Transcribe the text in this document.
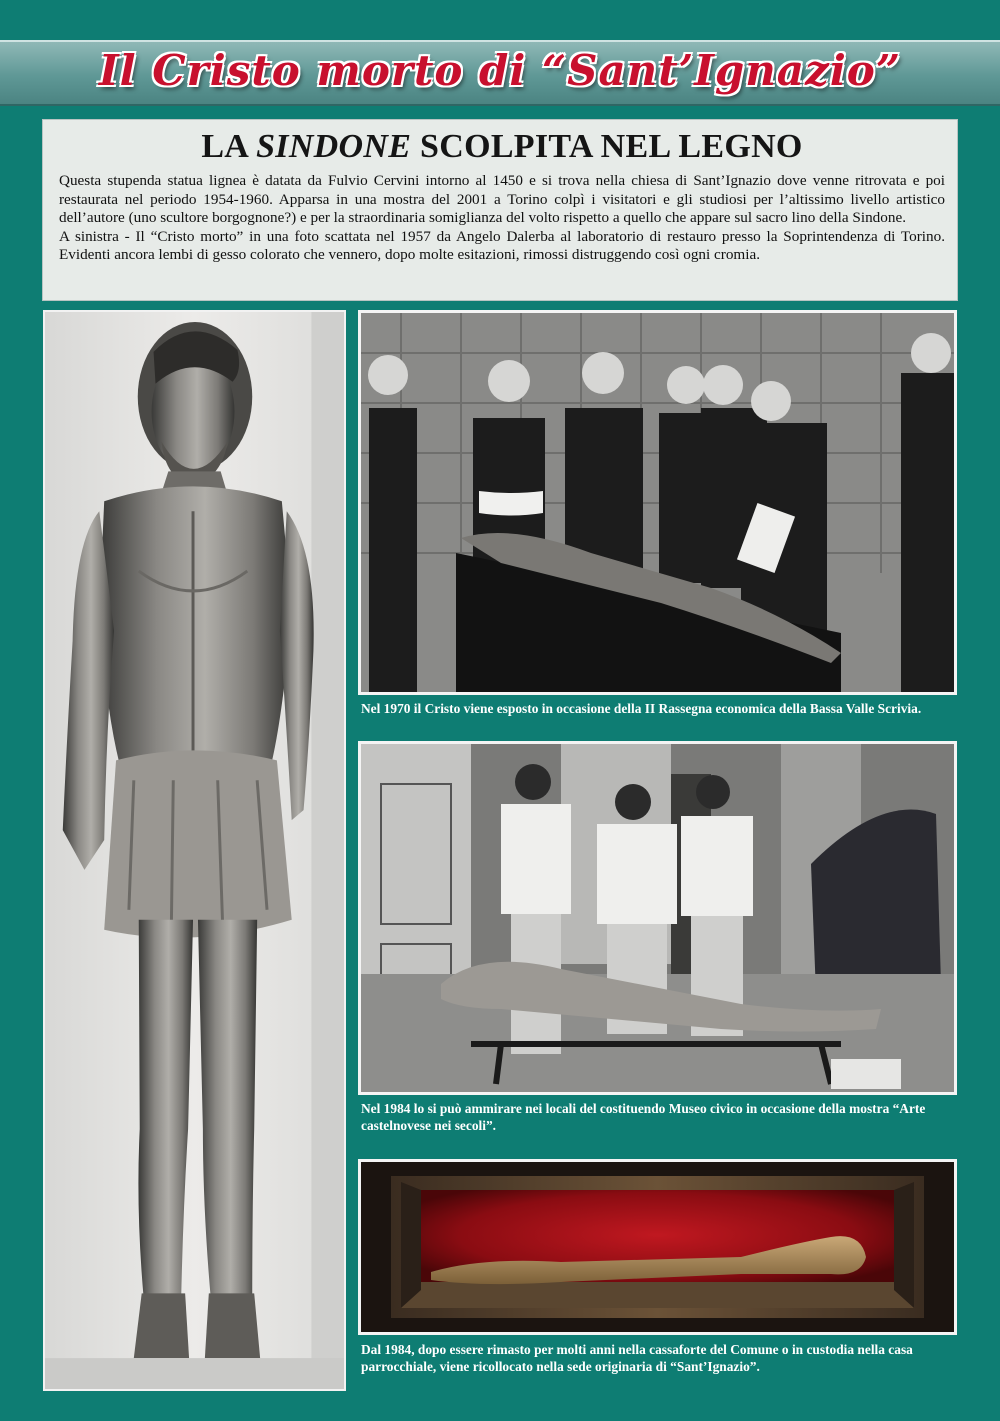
Il Cristo morto di “Sant’Ignazio”
LA SINDONE SCOLPITA NEL LEGNO

Questa stupenda statua lignea è datata da Fulvio Cervini intorno al 1450 e si trova nella chiesa di Sant’Ignazio dove venne ritrovata e poi restaurata nel periodo 1954-1960. Apparsa in una mostra del 2001 a Torino colpì i visitatori e gli studiosi per l’altissimo livello artistico dell’autore (uno scultore borgognone?) e per la straordinaria somiglianza del volto rispetto a quello che appare sul sacro lino della Sindone.

A sinistra - Il “Cristo morto” in una foto scattata nel 1957 da Angelo Dalerba al laboratorio di restauro presso la Soprintendenza di Torino. Evidenti ancora lembi di gesso colorato che vennero, dopo molte esitazioni, rimossi distruggendo così ogni cromia.

Nel 1970 il Cristo viene esposto in occasione della II Rassegna economica della Bassa Valle Scrivia.
Nel 1984 lo si può ammirare nei locali del costituendo Museo civico in occasione della mostra “Arte castelnovese nei secoli”.
Dal 1984, dopo essere rimasto per molti anni nella cassaforte del Comune o in custodia nella casa parrocchiale, viene ricollocato nella sede originaria di “Sant’Ignazio”.
